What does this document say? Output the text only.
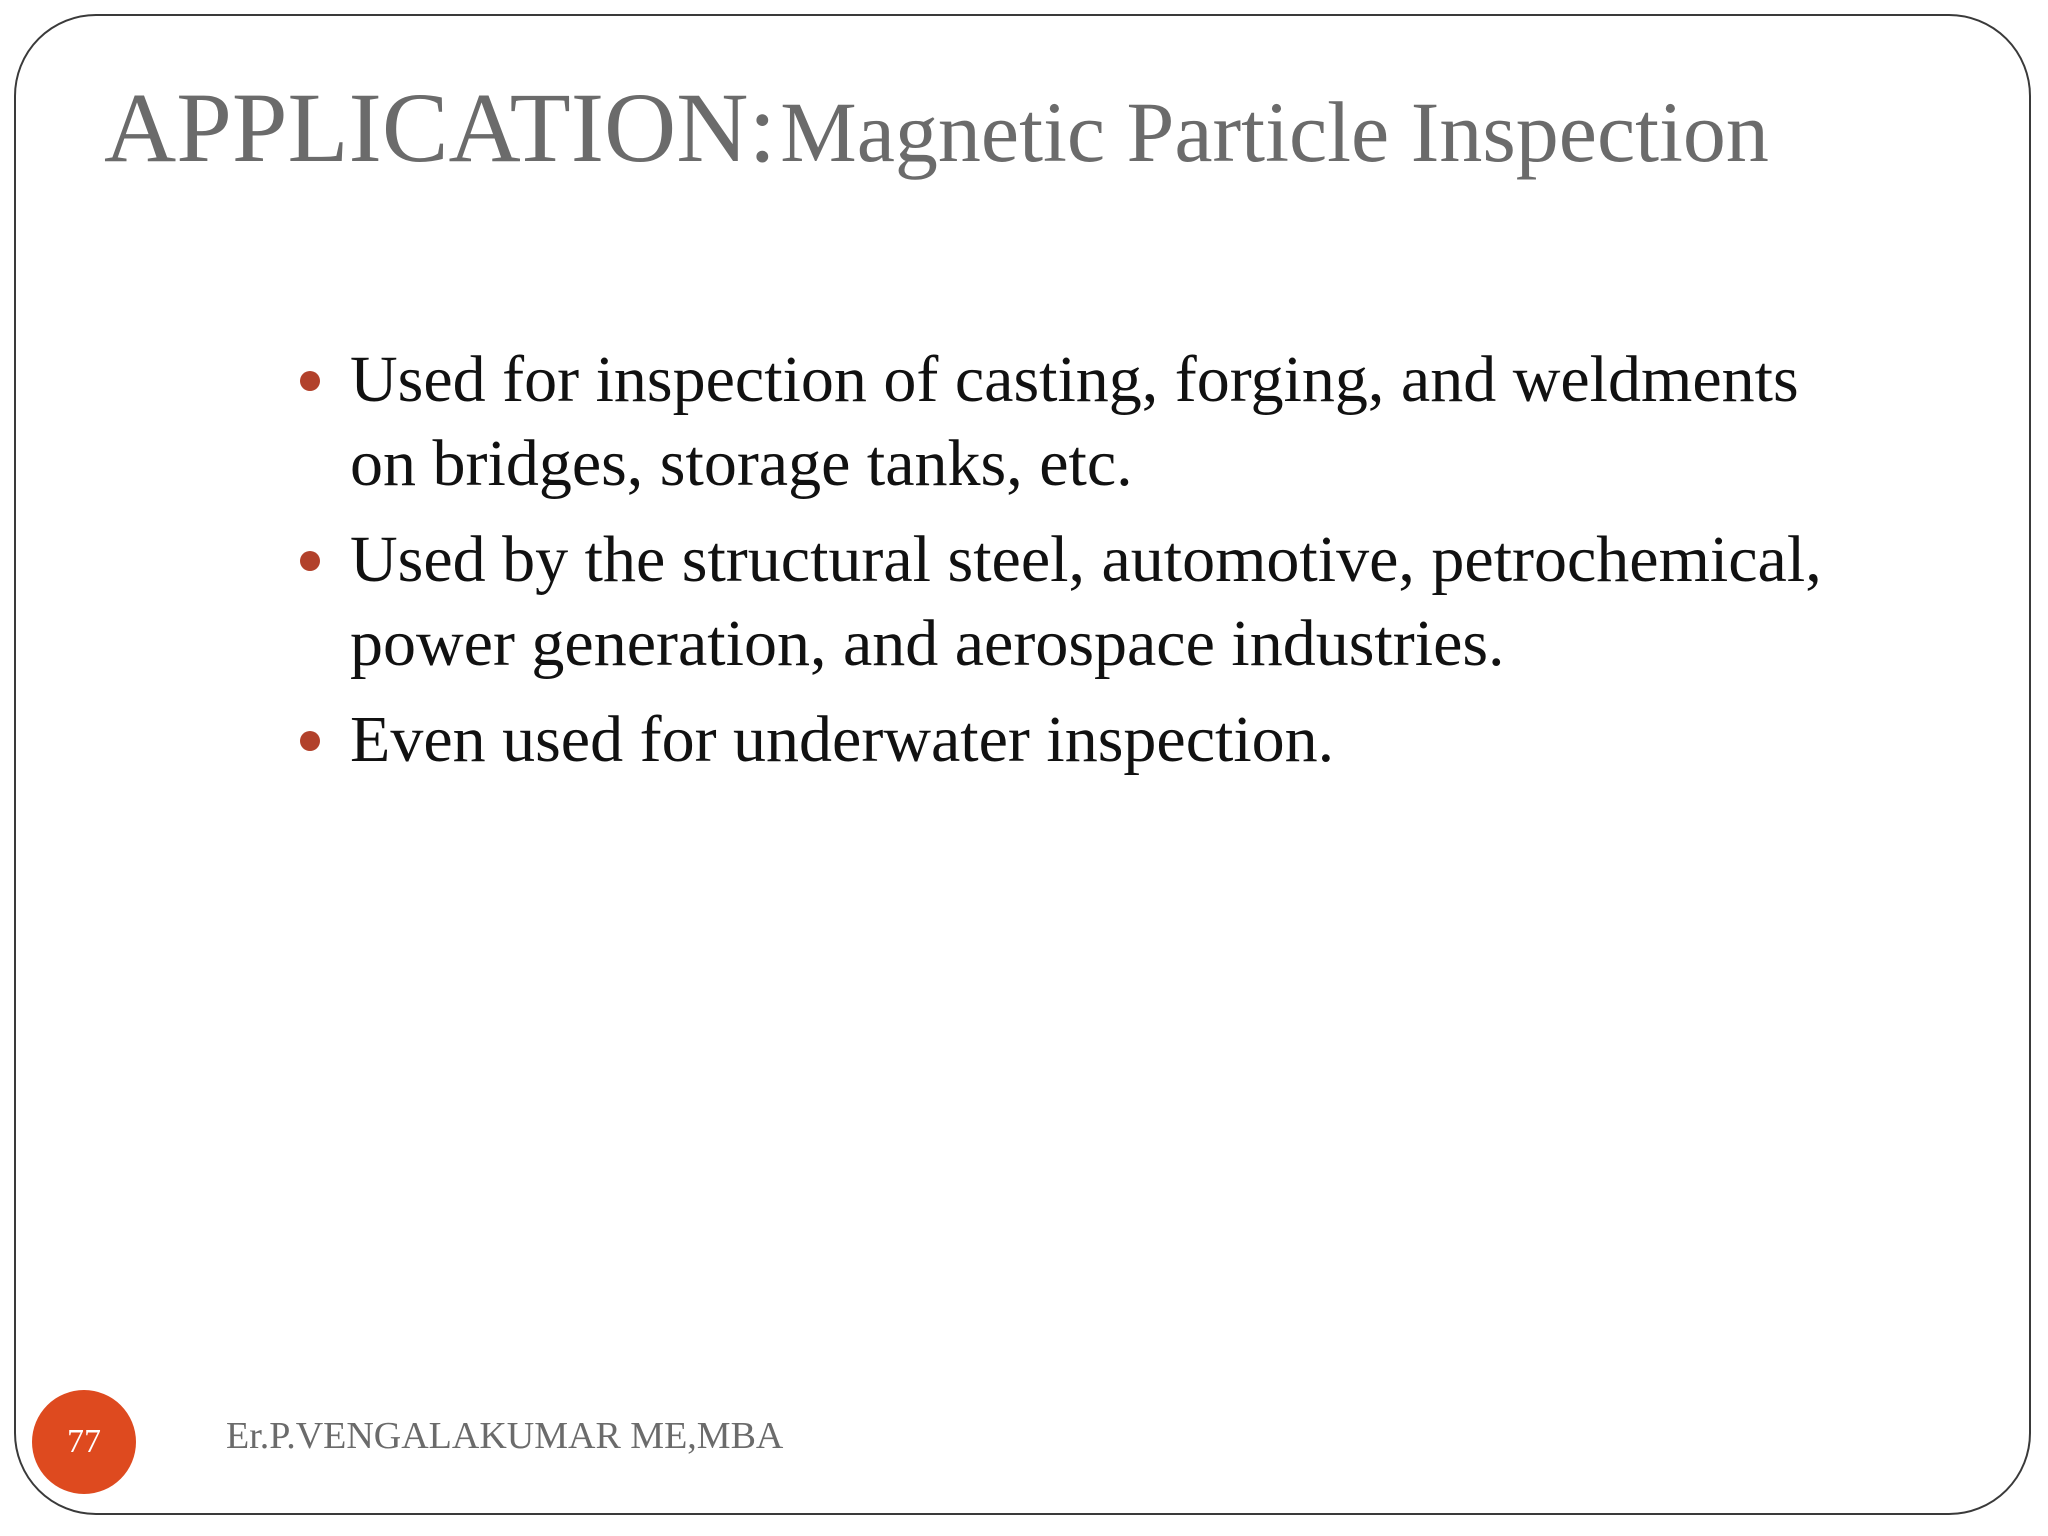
APPLICATION: Magnetic Particle Inspection
Used for inspection of casting, forging, and weldments on bridges, storage tanks, etc.
Used by the structural steel, automotive, petrochemical, power generation, and aerospace industries.
Even used for underwater inspection.
77	Er.P.VENGALAKUMAR ME,MBA
